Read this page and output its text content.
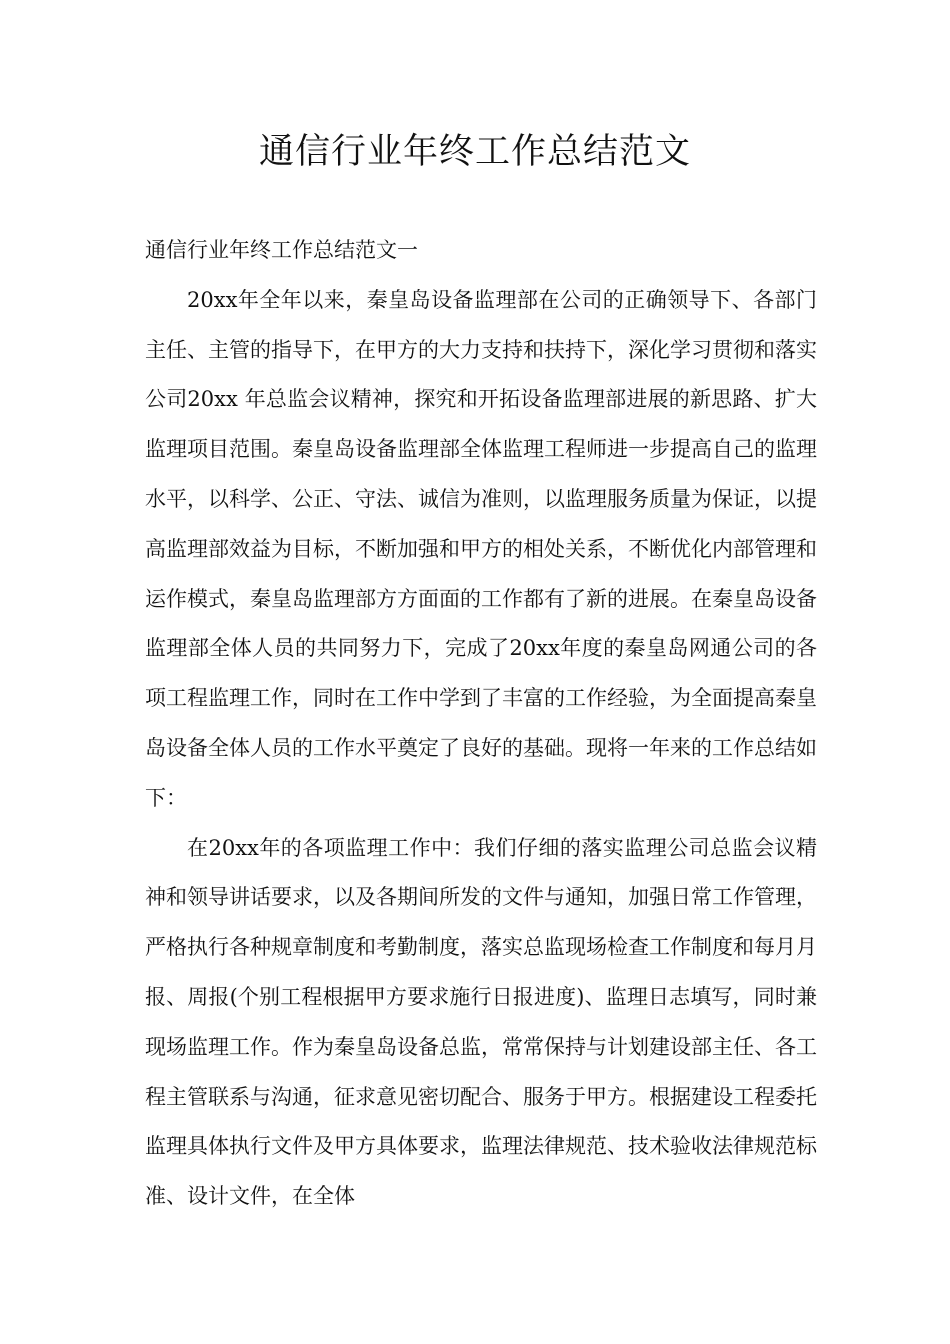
通信行业年终工作总结范文

通信行业年终工作总结范文一

20xx年全年以来，秦皇岛设备监理部在公司的正确领导下、各部门主任、主管的指导下，在甲方的大力支持和扶持下，深化学习贯彻和落实公司20xx 年总监会议精神，探究和开拓设备监理部进展的新思路、扩大监理项目范围。秦皇岛设备监理部全体监理工程师进一步提高自己的监理水平，以科学、公正、守法、诚信为准则，以监理服务质量为保证，以提高监理部效益为目标，不断加强和甲方的相处关系，不断优化内部管理和运作模式，秦皇岛监理部方方面面的工作都有了新的进展。在秦皇岛设备监理部全体人员的共同努力下，完成了20xx年度的秦皇岛网通公司的各项工程监理工作，同时在工作中学到了丰富的工作经验，为全面提高秦皇岛设备全体人员的工作水平奠定了良好的基础。现将一年来的工作总结如下：

在20xx年的各项监理工作中：我们仔细的落实监理公司总监会议精神和领导讲话要求，以及各期间所发的文件与通知，加强日常工作管理，严格执行各种规章制度和考勤制度，落实总监现场检查工作制度和每月月报、周报(个别工程根据甲方要求施行日报进度)、监理日志填写，同时兼现场监理工作。作为秦皇岛设备总监，常常保持与计划建设部主任、各工程主管联系与沟通，征求意见密切配合、服务于甲方。根据建设工程委托监理具体执行文件及甲方具体要求，监理法律规范、技术验收法律规范标准、设计文件，在全体
